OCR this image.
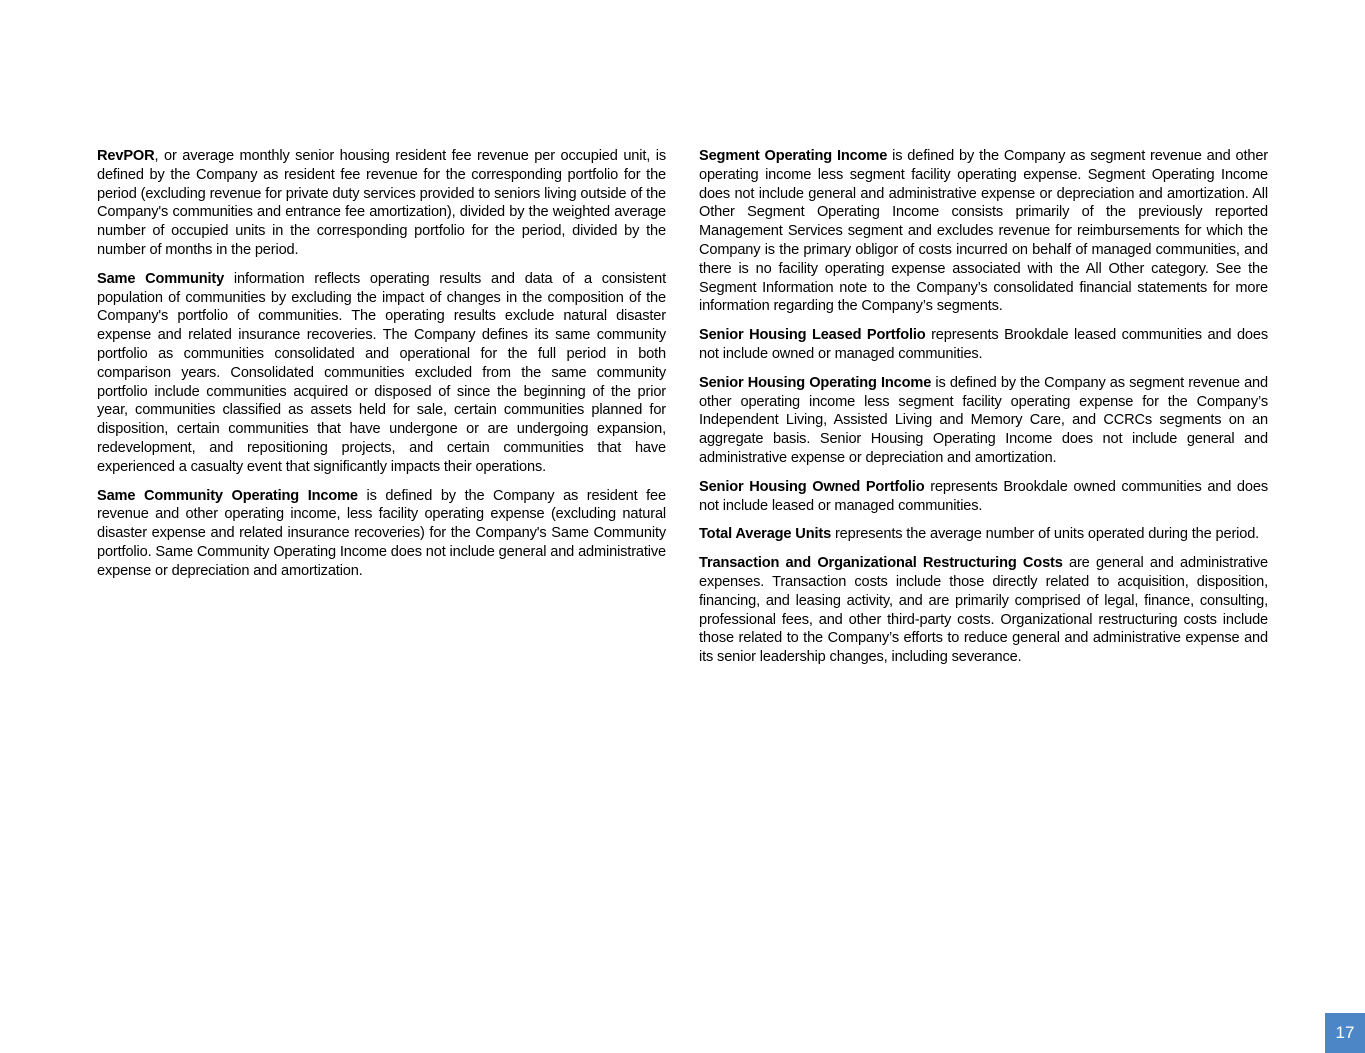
RevPOR, or average monthly senior housing resident fee revenue per occupied unit, is defined by the Company as resident fee revenue for the corresponding portfolio for the period (excluding revenue for private duty services provided to seniors living outside of the Company's communities and entrance fee amortization), divided by the weighted average number of occupied units in the corresponding portfolio for the period, divided by the number of months in the period.

Same Community information reflects operating results and data of a consistent population of communities by excluding the impact of changes in the composition of the Company's portfolio of communities. The operating results exclude natural disaster expense and related insurance recoveries. The Company defines its same community portfolio as communities consolidated and operational for the full period in both comparison years. Consolidated communities excluded from the same community portfolio include communities acquired or disposed of since the beginning of the prior year, communities classified as assets held for sale, certain communities planned for disposition, certain communities that have undergone or are undergoing expansion, redevelopment, and repositioning projects, and certain communities that have experienced a casualty event that significantly impacts their operations.

Same Community Operating Income is defined by the Company as resident fee revenue and other operating income, less facility operating expense (excluding natural disaster expense and related insurance recoveries) for the Company's Same Community portfolio. Same Community Operating Income does not include general and administrative expense or depreciation and amortization.

Segment Operating Income is defined by the Company as segment revenue and other operating income less segment facility operating expense. Segment Operating Income does not include general and administrative expense or depreciation and amortization. All Other Segment Operating Income consists primarily of the previously reported Management Services segment and excludes revenue for reimbursements for which the Company is the primary obligor of costs incurred on behalf of managed communities, and there is no facility operating expense associated with the All Other category. See the Segment Information note to the Company’s consolidated financial statements for more information regarding the Company’s segments.

Senior Housing Leased Portfolio represents Brookdale leased communities and does not include owned or managed communities.

Senior Housing Operating Income is defined by the Company as segment revenue and other operating income less segment facility operating expense for the Company’s Independent Living, Assisted Living and Memory Care, and CCRCs segments on an aggregate basis. Senior Housing Operating Income does not include general and administrative expense or depreciation and amortization.

Senior Housing Owned Portfolio represents Brookdale owned communities and does not include leased or managed communities.

Total Average Units represents the average number of units operated during the period.

Transaction and Organizational Restructuring Costs are general and administrative expenses. Transaction costs include those directly related to acquisition, disposition, financing, and leasing activity, and are primarily comprised of legal, finance, consulting, professional fees, and other third-party costs. Organizational restructuring costs include those related to the Company’s efforts to reduce general and administrative expense and its senior leadership changes, including severance.

17
